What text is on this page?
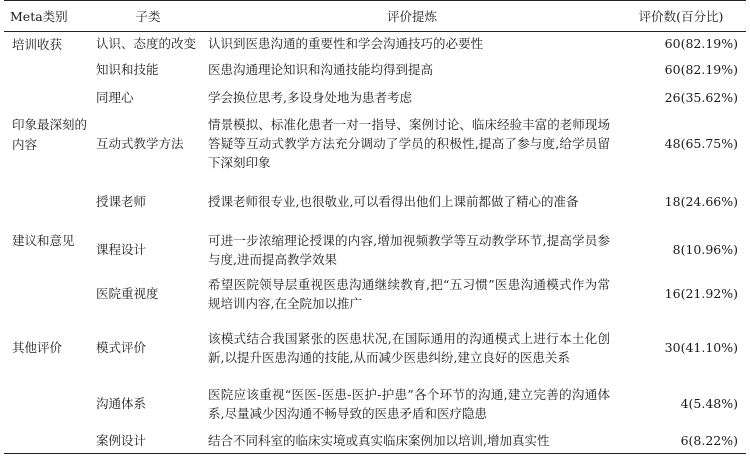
Meta类别	子类	评价提炼	评价数(百分比)
培训收获	认识、态度的改变	认识到医患沟通的重要性和学会沟通技巧的必要性	60(82.19%)
	知识和技能	医患沟通理论知识和沟通技能均得到提高	60(82.19%)
	同理心	学会换位思考,多设身处地为患者考虑	26(35.62%)
印象最深刻的内容	互动式教学方法	情景模拟、标准化患者一对一指导、案例讨论、临床经验丰富的老师现场答疑等互动式教学方法充分调动了学员的积极性,提高了参与度,给学员留下深刻印象	48(65.75%)
	授课老师	授课老师很专业,也很敬业,可以看得出他们上课前都做了精心的准备	18(24.66%)
建议和意见	课程设计	可进一步浓缩理论授课的内容,增加视频教学等互动教学环节,提高学员参与度,进而提高教学效果	8(10.96%)
	医院重视度	希望医院领导层重视医患沟通继续教育,把“五习惯”医患沟通模式作为常规培训内容,在全院加以推广	16(21.92%)
其他评价	模式评价	该模式结合我国紧张的医患状况,在国际通用的沟通模式上进行本土化创新,以提升医患沟通的技能,从而减少医患纠纷,建立良好的医患关系	30(41.10%)
	沟通体系	医院应该重视“医医-医患-医护-护患”各个环节的沟通,建立完善的沟通体系,尽量减少因沟通不畅导致的医患矛盾和医疗隐患	4(5.48%)
	案例设计	结合不同科室的临床实境或真实临床案例加以培训,增加真实性	6(8.22%)
